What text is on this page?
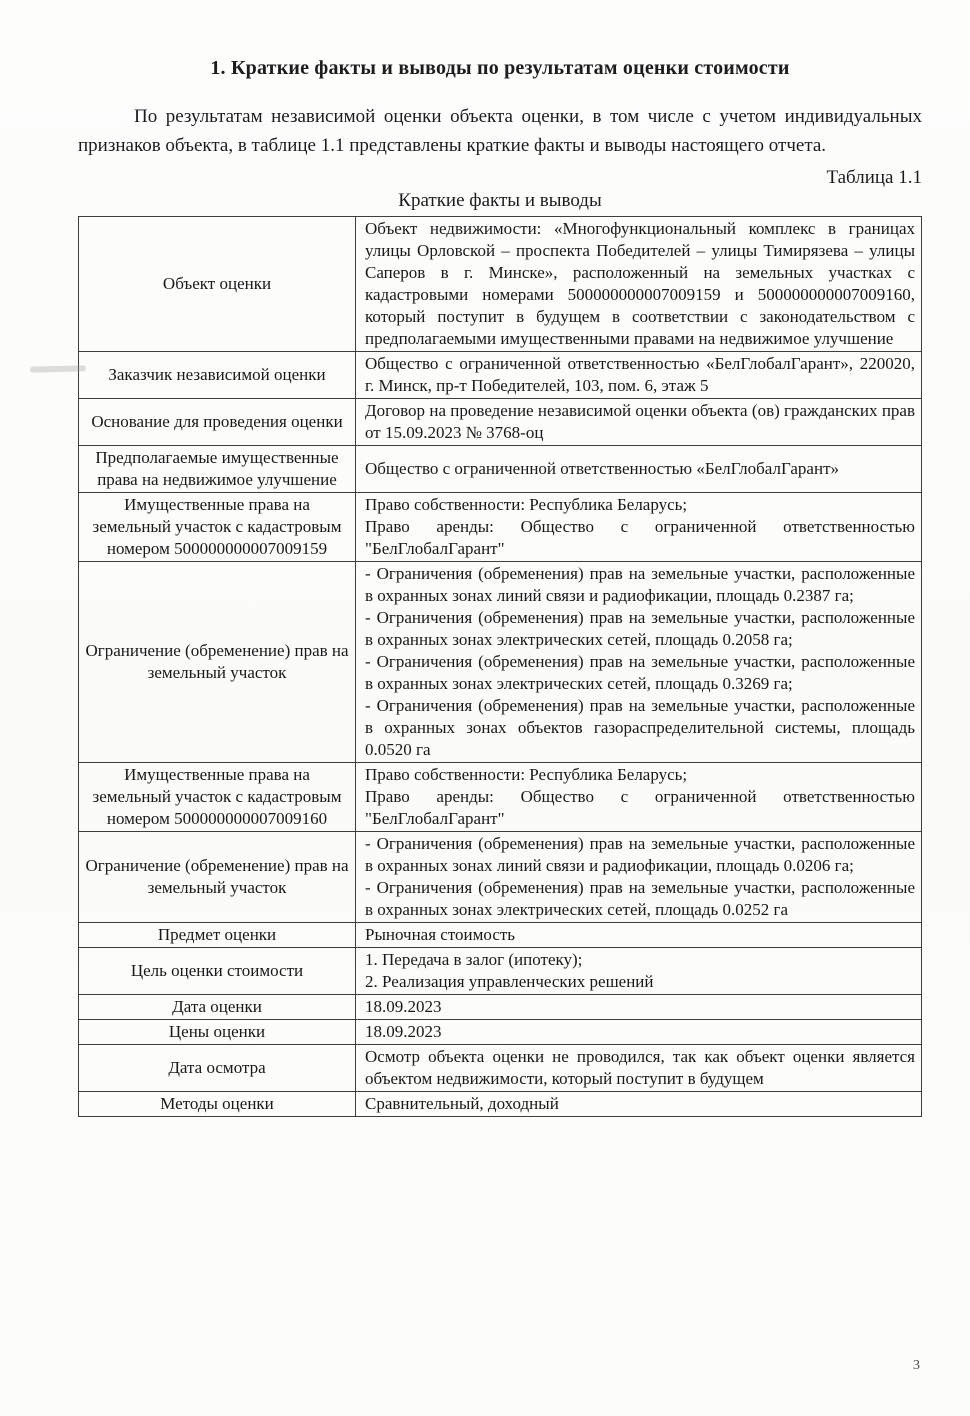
1. Краткие факты и выводы по результатам оценки стоимости

По результатам независимой оценки объекта оценки, в том числе с учетом индивидуальных признаков объекта, в таблице 1.1 представлены краткие факты и выводы настоящего отчета.

Таблица 1.1
Краткие факты и выводы
Объект оценки	Объект недвижимости: «Многофункциональный комплекс в границах улицы Орловской – проспекта Победителей – улицы Тимирязева – улицы Саперов в г. Минске», расположенный на земельных участках с кадастровыми номерами 500000000007009159 и 500000000007009160, который поступит в будущем в соответствии с законодательством с предполагаемыми имущественными правами на недвижимое улучшение

Заказчик независимой оценки	Общество с ограниченной ответственностью «БелГлобалГарант», 220020, г. Минск, пр-т Победителей, 103, пом. 6, этаж 5

Основание для проведения оценки	Договор на проведение независимой оценки объекта (ов) гражданских прав от 15.09.2023 № 3768-оц

Предполагаемые имущественные права на недвижимое улучшение	Общество с ограниченной ответственностью «БелГлобалГарант»

Имущественные права на земельный участок с кадастровым номером 500000000007009159	Право собственности: Республика Беларусь;
Право аренды: Общество с ограниченной ответственностью "БелГлобалГарант"

Ограничение (обременение) прав на земельный участок	- Ограничения (обременения) прав на земельные участки, расположенные в охранных зонах линий связи и радиофикации, площадь 0.2387 га;
- Ограничения (обременения) прав на земельные участки, расположенные в охранных зонах электрических сетей, площадь 0.2058 га;
- Ограничения (обременения) прав на земельные участки, расположенные в охранных зонах электрических сетей, площадь 0.3269 га;
- Ограничения (обременения) прав на земельные участки, расположенные в охранных зонах объектов газораспределительной системы, площадь 0.0520 га

Имущественные права на земельный участок с кадастровым номером 500000000007009160	Право собственности: Республика Беларусь;
Право аренды: Общество с ограниченной ответственностью "БелГлобалГарант"

Ограничение (обременение) прав на земельный участок	- Ограничения (обременения) прав на земельные участки, расположенные в охранных зонах линий связи и радиофикации, площадь 0.0206 га;
- Ограничения (обременения) прав на земельные участки, расположенные в охранных зонах электрических сетей, площадь 0.0252 га

Предмет оценки	Рыночная стоимость

Цель оценки стоимости	1. Передача в залог (ипотеку);
2. Реализация управленческих решений

Дата оценки	18.09.2023

Цены оценки	18.09.2023

Дата осмотра	Осмотр объекта оценки не проводился, так как объект оценки является объектом недвижимости, который поступит в будущем

Методы оценки	Сравнительный, доходный
3
